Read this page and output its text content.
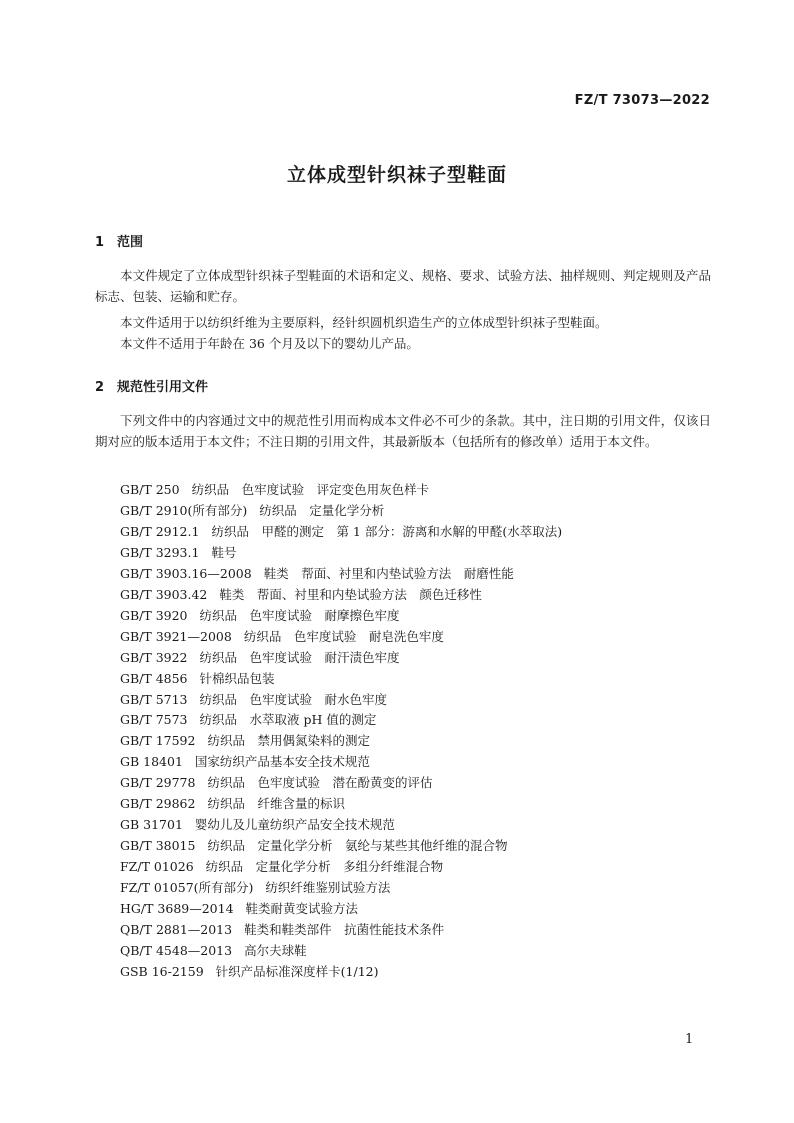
FZ/T 73073—2022
立体成型针织袜子型鞋面
1 范围

本文件规定了立体成型针织袜子型鞋面的术语和定义、规格、要求、试验方法、抽样规则、判定规则及产品标志、包装、运输和贮存。

本文件适用于以纺织纤维为主要原料，经针织圆机织造生产的立体成型针织袜子型鞋面。

本文件不适用于年龄在 36 个月及以下的婴幼儿产品。

2 规范性引用文件

下列文件中的内容通过文中的规范性引用而构成本文件必不可少的条款。其中，注日期的引用文件，仅该日期对应的版本适用于本文件；不注日期的引用文件，其最新版本（包括所有的修改单）适用于本文件。

GB/T 250 纺织品　色牢度试验　评定变色用灰色样卡
GB/T 2910(所有部分) 纺织品　定量化学分析
GB/T 2912.1 纺织品　甲醛的测定　第 1 部分：游离和水解的甲醛(水萃取法)
GB/T 3293.1 鞋号
GB/T 3903.16—2008 鞋类　帮面、衬里和内垫试验方法　耐磨性能
GB/T 3903.42 鞋类　帮面、衬里和内垫试验方法　颜色迁移性
GB/T 3920 纺织品　色牢度试验　耐摩擦色牢度
GB/T 3921—2008 纺织品　色牢度试验　耐皂洗色牢度
GB/T 3922 纺织品　色牢度试验　耐汗渍色牢度
GB/T 4856 针棉织品包装
GB/T 5713 纺织品　色牢度试验　耐水色牢度
GB/T 7573 纺织品　水萃取液 pH 值的测定
GB/T 17592 纺织品　禁用偶氮染料的测定
GB 18401 国家纺织产品基本安全技术规范
GB/T 29778 纺织品　色牢度试验　潜在酚黄变的评估
GB/T 29862 纺织品　纤维含量的标识
GB 31701 婴幼儿及儿童纺织产品安全技术规范
GB/T 38015 纺织品　定量化学分析　氨纶与某些其他纤维的混合物
FZ/T 01026 纺织品　定量化学分析　多组分纤维混合物
FZ/T 01057(所有部分) 纺织纤维鉴别试验方法
HG/T 3689—2014 鞋类耐黄变试验方法
QB/T 2881—2013 鞋类和鞋类部件　抗菌性能技术条件
QB/T 4548—2013 高尔夫球鞋
GSB 16-2159 针织产品标准深度样卡(1/12)
1
